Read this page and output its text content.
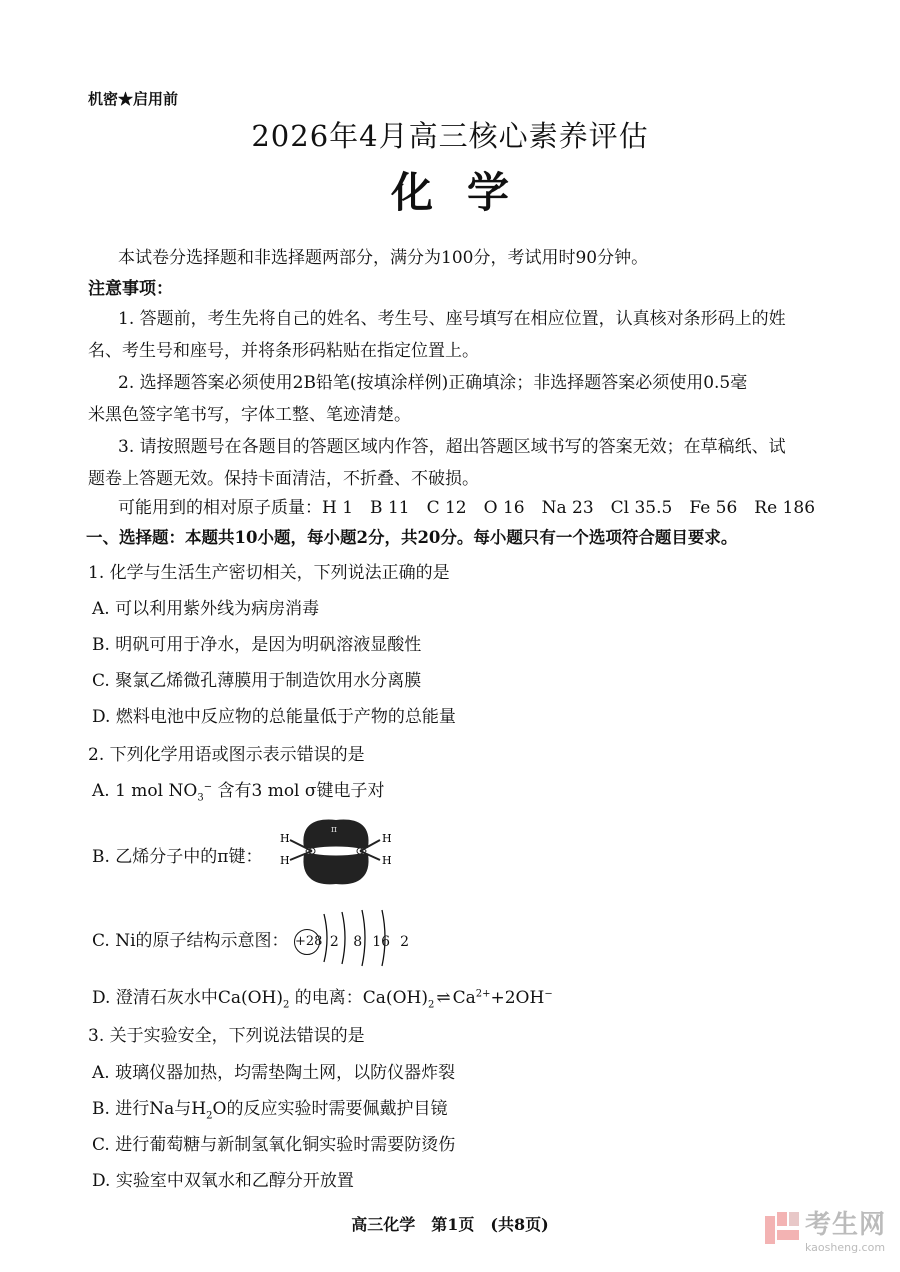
机密★启用前
2026年4月高三核心素养评估
化学
本试卷分选择题和非选择题两部分，满分为100分，考试用时90分钟。
注意事项：
1. 答题前，考生先将自己的姓名、考生号、座号填写在相应位置，认真核对条形码上的姓
名、考生号和座号，并将条形码粘贴在指定位置上。
2. 选择题答案必须使用2B铅笔(按填涂样例)正确填涂；非选择题答案必须使用0.5毫
米黑色签字笔书写，字体工整、笔迹清楚。
3. 请按照题号在各题目的答题区域内作答，超出答题区域书写的答案无效；在草稿纸、试
题卷上答题无效。保持卡面清洁，不折叠、不破损。
可能用到的相对原子质量：H 1　B 11　C 12　O 16　Na 23　Cl 35.5　Fe 56　Re 186
一、选择题：本题共10小题，每小题2分，共20分。每小题只有一个选项符合题目要求。
1. 化学与生活生产密切相关，下列说法正确的是
A. 可以利用紫外线为病房消毒
B. 明矾可用于净水，是因为明矾溶液显酸性
C. 聚氯乙烯微孔薄膜用于制造饮用水分离膜
D. 燃料电池中反应物的总能量低于产物的总能量
2. 下列化学用语或图示表示错误的是
A. 1 mol $NO_3^-$ 含有3 mol σ键电子对
B. 乙烯分子中的π键：
H
H
H
H
π
C. Ni的原子结构示意图： +28 2 8 16 2
D. 澄清石灰水中$Ca(OH)_2$ 的电离：$Ca(OH)_2$ ⇌ $Ca^{2+}+2OH^-$
3. 关于实验安全，下列说法错误的是
A. 玻璃仪器加热，均需垫陶土网，以防仪器炸裂
B. 进行Na与$H_2O$的反应实验时需要佩戴护目镜
C. 进行葡萄糖与新制氢氧化铜实验时需要防烫伤
D. 实验室中双氧水和乙醇分开放置
高三化学　第1页　(共8页)	考生网
kaosheng.com
